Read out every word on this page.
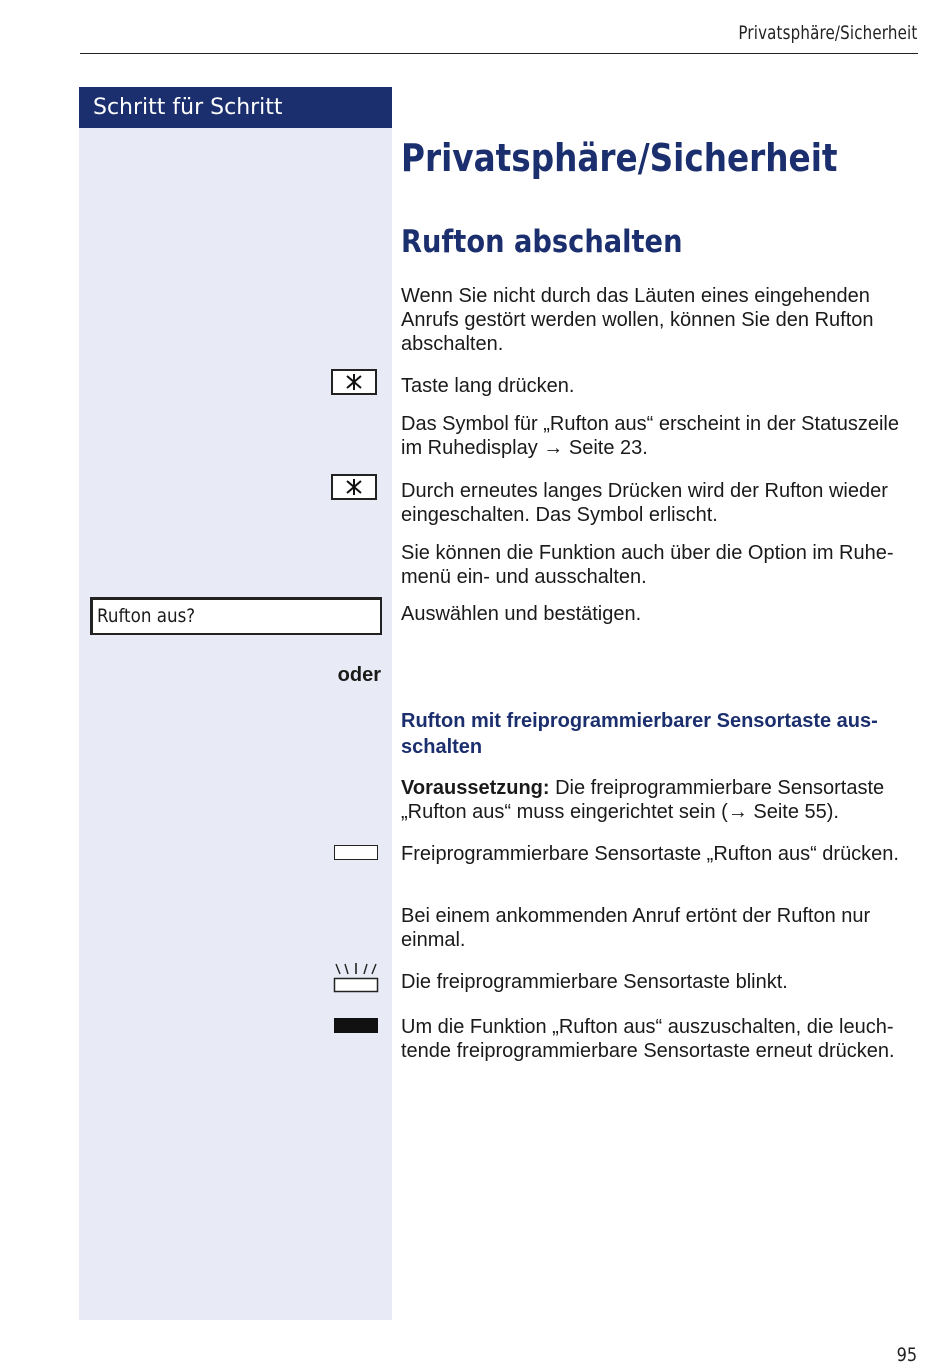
Privatsphäre/Sicherheit
Schritt für Schritt
Privatsphäre/Sicherheit
Rufton abschalten
Wenn Sie nicht durch das Läuten eines eingehenden Anrufs gestört werden wollen, können Sie den Rufton abschalten.
Taste lang drücken.
Das Symbol für „Rufton aus“ erscheint in der Statuszeile im Ruhedisplay → Seite 23.
Durch erneutes langes Drücken wird der Rufton wieder eingeschalten. Das Symbol erlischt.
Sie können die Funktion auch über die Option im Ruhemenü ein- und ausschalten.
Rufton aus?	Auswählen und bestätigen.
oder
Rufton mit freiprogrammierbarer Sensortaste ausschalten
Voraussetzung: Die freiprogrammierbare Sensortaste „Rufton aus“ muss eingerichtet sein (→ Seite 55).
Freiprogrammierbare Sensortaste „Rufton aus“ drücken.
Bei einem ankommenden Anruf ertönt der Rufton nur einmal.
Die freiprogrammierbare Sensortaste blinkt.
Um die Funktion „Rufton aus“ auszuschalten, die leuchtende freiprogrammierbare Sensortaste erneut drücken.
95
